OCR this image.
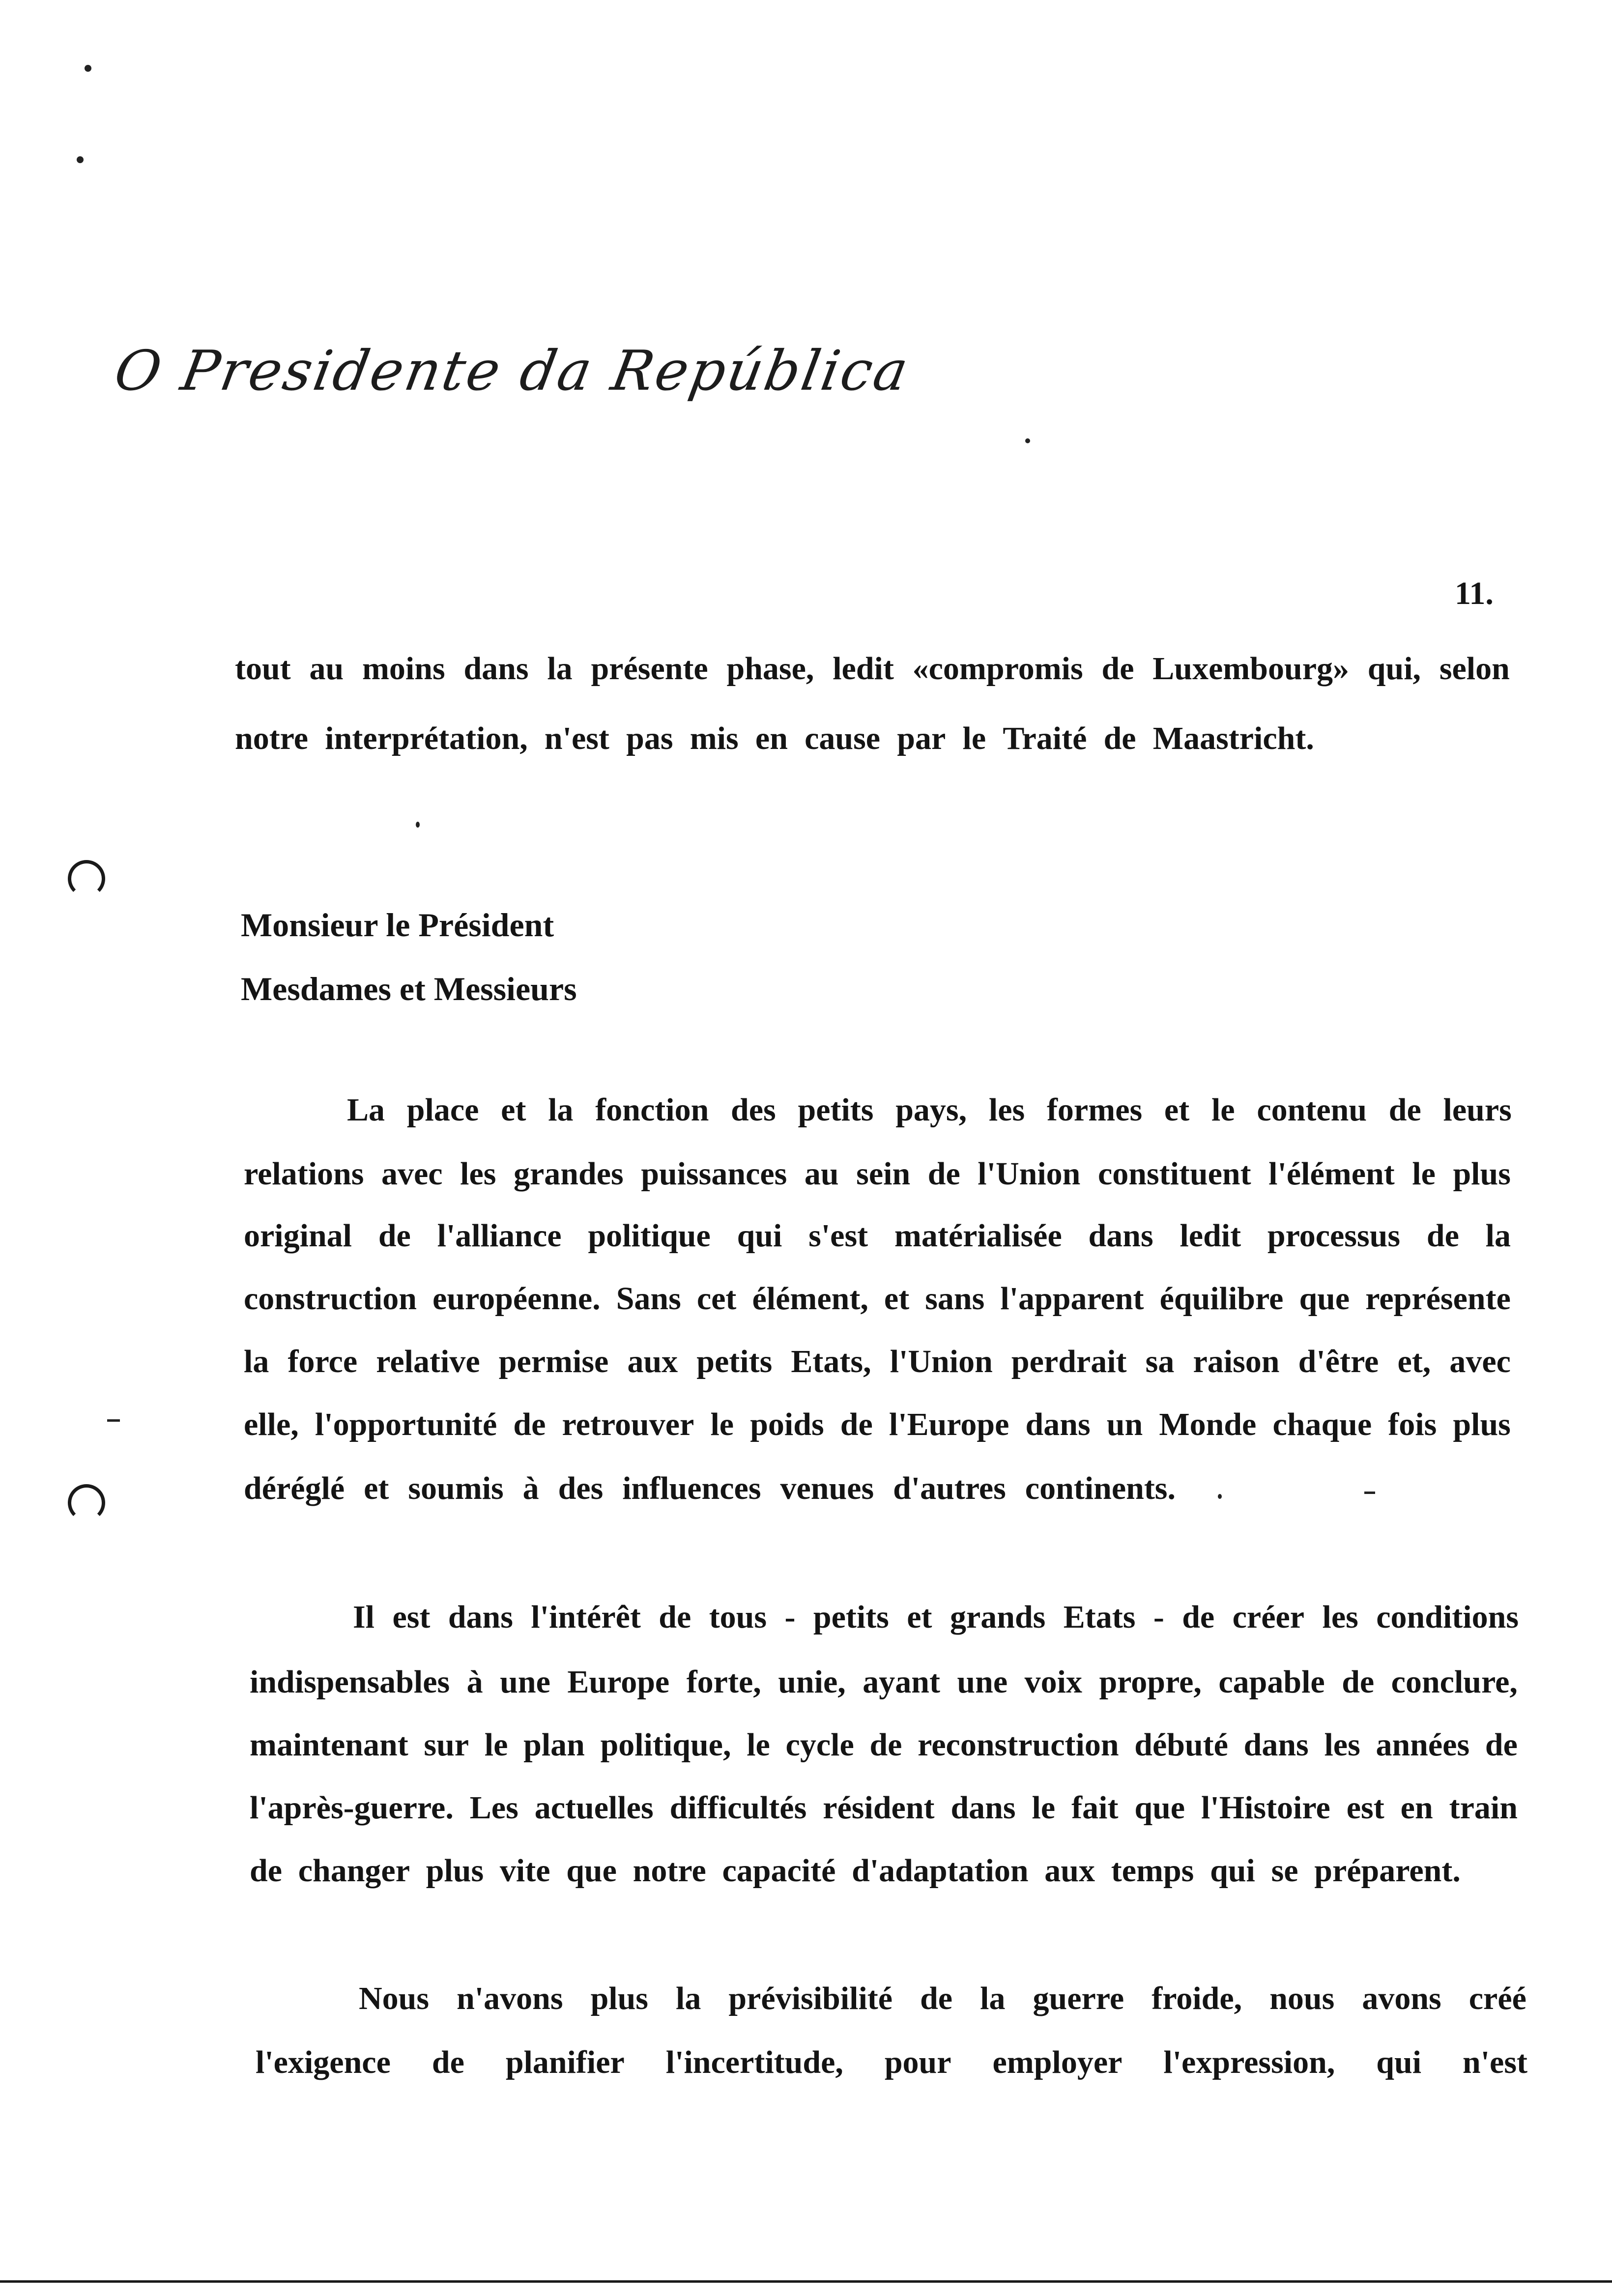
O Presidente da República
11.
tout au moins dans la présente phase, ledit «compromis de Luxembourg» qui, selon
notre interprétation, n'est pas mis en cause par le Traité de Maastricht.
Monsieur le Président
Mesdames et Messieurs
La place et la fonction des petits pays, les formes et le contenu de leurs
relations avec les grandes puissances au sein de l'Union constituent l'élément le plus
original de l'alliance politique qui s'est matérialisée dans ledit processus de la
construction européenne. Sans cet élément, et sans l'apparent équilibre que représente
la force relative permise aux petits Etats, l'Union perdrait sa raison d'être et, avec
elle, l'opportunité de retrouver le poids de l'Europe dans un Monde chaque fois plus
déréglé et soumis à des influences venues d'autres continents.
Il est dans l'intérêt de tous - petits et grands Etats - de créer les conditions
indispensables à une Europe forte, unie, ayant une voix propre, capable de conclure,
maintenant sur le plan politique, le cycle de reconstruction débuté dans les années de
l'après-guerre. Les actuelles difficultés résident dans le fait que l'Histoire est en train
de changer plus vite que notre capacité d'adaptation aux temps qui se préparent.
Nous n'avons plus la prévisibilité de la guerre froide, nous avons créé
l'exigence de planifier l'incertitude, pour employer l'expression, qui n'est
